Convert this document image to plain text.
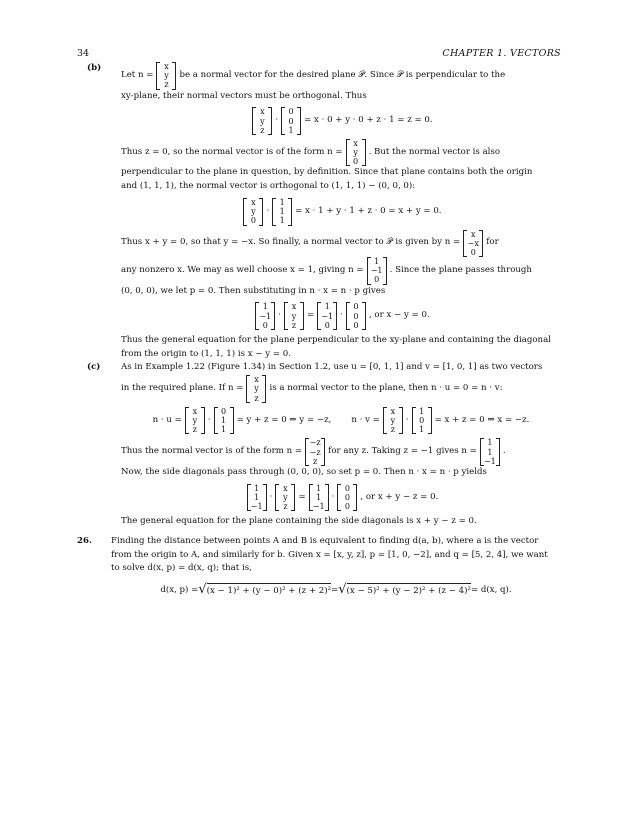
34	CHAPTER 1. VECTORS
(b)
Let n =
x
y
z
be a normal vector for the desired plane 𝒫. Since 𝒫 is perpendicular to the
xy-plane, their normal vectors must be orthogonal. Thus
x
y
z
·
0
0
1
= x · 0 + y · 0 + z · 1 = z = 0.
Thus z = 0, so the normal vector is of the form n =
x
y
0
. But the normal vector is also
perpendicular to the plane in question, by definition. Since that plane contains both the origin
and (1, 1, 1), the normal vector is orthogonal to (1, 1, 1) − (0, 0, 0):
x
y
0
·
1
1
1
= x · 1 + y · 1 + z · 0 = x + y = 0.
Thus x + y = 0, so that y = −x. So finally, a normal vector to 𝒫 is given by n =
x
−x
0
for
any nonzero x. We may as well choose x = 1, giving n =
1
−1
0
. Since the plane passes through
(0, 0, 0), we let p = 0. Then substituting in n · x = n · p gives
1
−1
0
·
x
y
z
=
1
−1
0
·
0
0
0
, or x − y = 0.
Thus the general equation for the plane perpendicular to the xy-plane and containing the diagonal
from the origin to (1, 1, 1) is x − y = 0.
(c) As in Example 1.22 (Figure 1.34) in Section 1.2, use u = [0, 1, 1] and v = [1, 0, 1] as two vectors
in the required plane. If n =
x
y
z
is a normal vector to the plane, then n · u = 0 = n · v:
n · u =
x
y
z
·
0
1
1
= y + z = 0 ⇒ y = −z, n · v =
x
y
z
·
1
0
1
= x + z = 0 ⇒ x = −z.
Thus the normal vector is of the form n =
−z
−z
z
for any z. Taking z = −1 gives n =
1
1
−1
.
Now, the side diagonals pass through (0, 0, 0), so set p = 0. Then n · x = n · p yields
1
1
−1
·
x
y
z
=
1
1
−1
·
0
0
0
, or x + y − z = 0.
The general equation for the plane containing the side diagonals is x + y − z = 0.
26. Finding the distance between points A and B is equivalent to finding d(a, b), where a is the vector
from the origin to A, and similarly for b. Given x = [x, y, z], p = [1, 0, −2], and q = [5, 2, 4], we want
to solve d(x, p) = d(x, q); that is,
d(x, p) = √ (x − 1)² + (y − 0)² + (z + 2)² = √ (x − 5)² + (y − 2)² + (z − 4)² = d(x, q).
